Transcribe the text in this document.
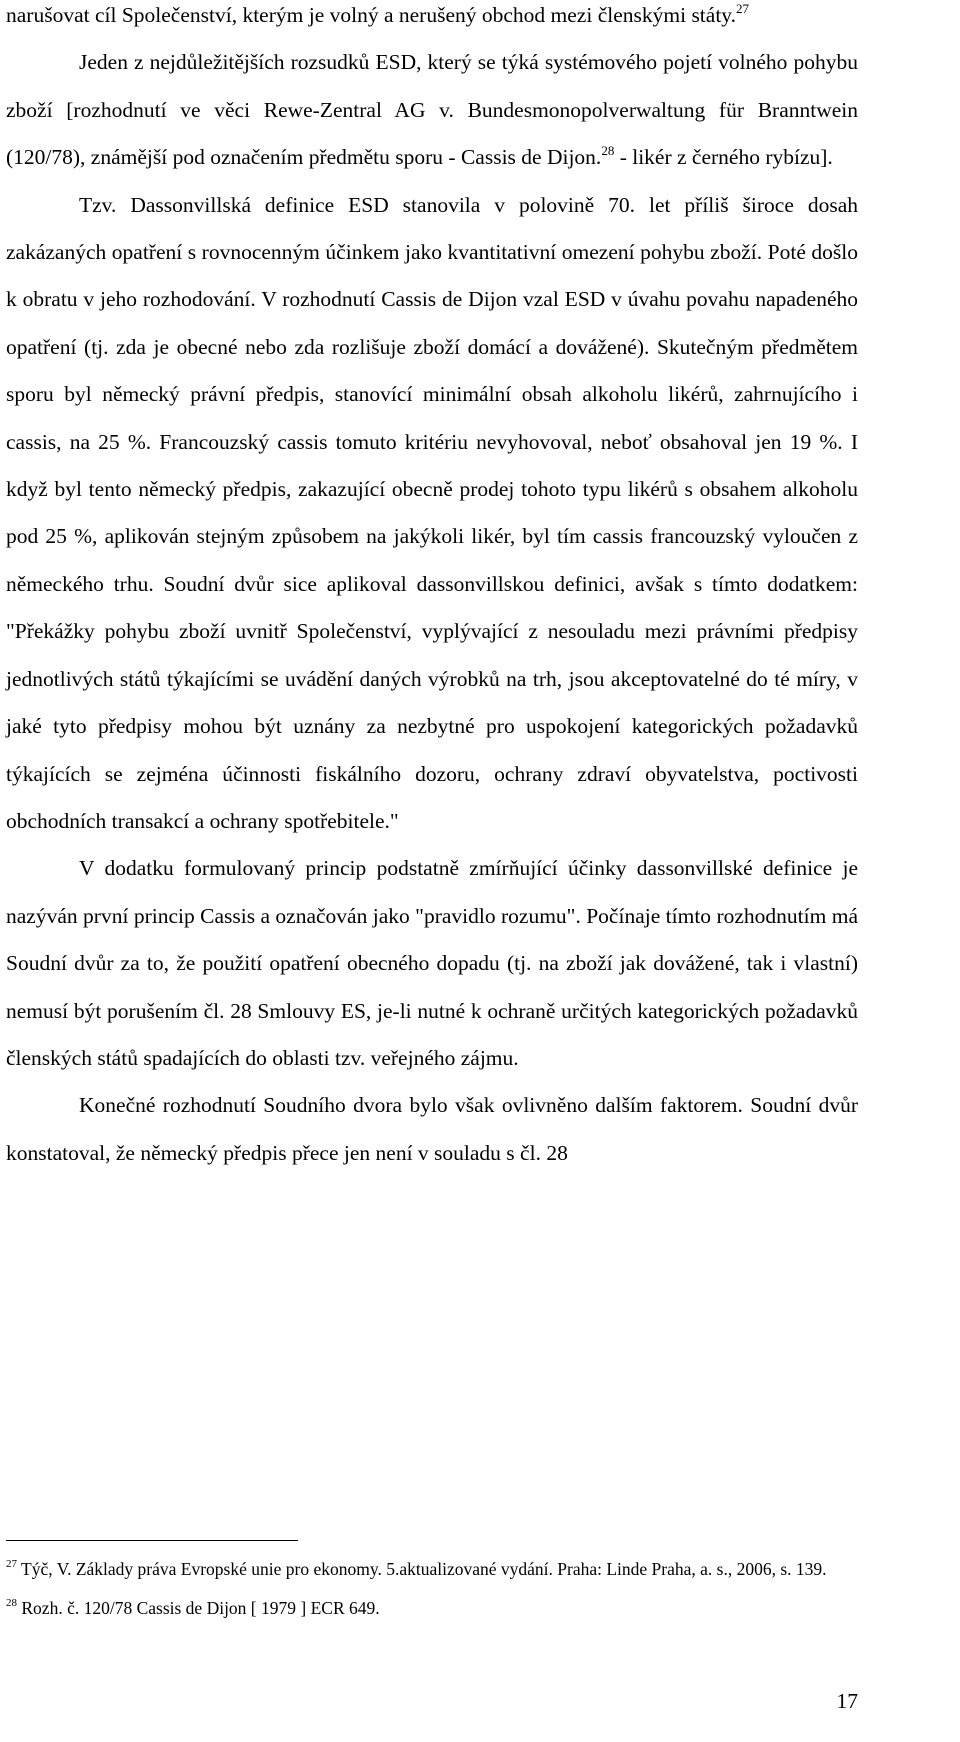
narušovat cíl Společenství, kterým je volný a nerušený obchod mezi členskými státy.$^{27}$

Jeden z nejdůležitějších rozsudků ESD, který se týká systémového pojetí volného pohybu zboží [rozhodnutí ve věci Rewe-Zentral AG v. Bundesmonopolverwaltung für Branntwein (120/78), známější pod označením předmětu sporu - Cassis de Dijon.$^{28}$ - likér z černého rybízu].

Tzv. Dassonvillská definice ESD stanovila v polovině 70. let příliš široce dosah zakázaných opatření s rovnocenným účinkem jako kvantitativní omezení pohybu zboží. Poté došlo k obratu v jeho rozhodování. V rozhodnutí Cassis de Dijon vzal ESD v úvahu povahu napadeného opatření (tj. zda je obecné nebo zda rozlišuje zboží domácí a dovážené). Skutečným předmětem sporu byl německý právní předpis, stanovící minimální obsah alkoholu likérů, zahrnujícího i cassis, na 25 %. Francouzský cassis tomuto kritériu nevyhovoval, neboť obsahoval jen 19 %. I když byl tento německý předpis, zakazující obecně prodej tohoto typu likérů s obsahem alkoholu pod 25 %, aplikován stejným způsobem na jakýkoli likér, byl tím cassis francouzský vyloučen z německého trhu. Soudní dvůr sice aplikoval dassonvillskou definici, avšak s tímto dodatkem: "Překážky pohybu zboží uvnitř Společenství, vyplývající z nesouladu mezi právními předpisy jednotlivých států týkajícími se uvádění daných výrobků na trh, jsou akceptovatelné do té míry, v jaké tyto předpisy mohou být uznány za nezbytné pro uspokojení kategorických požadavků týkajících se zejména účinnosti fiskálního dozoru, ochrany zdraví obyvatelstva, poctivosti obchodních transakcí a ochrany spotřebitele."

V dodatku formulovaný princip podstatně zmírňující účinky dassonvillské definice je nazýván první princip Cassis a označován jako "pravidlo rozumu". Počínaje tímto rozhodnutím má Soudní dvůr za to, že použití opatření obecného dopadu (tj. na zboží jak dovážené, tak i vlastní) nemusí být porušením čl. 28 Smlouvy ES, je-li nutné k ochraně určitých kategorických požadavků členských států spadajících do oblasti tzv. veřejného zájmu.

Konečné rozhodnutí Soudního dvora bylo však ovlivněno dalším faktorem. Soudní dvůr konstatoval, že německý předpis přece jen není v souladu s čl. 28

$^{27}$ Týč, V. Základy práva Evropské unie pro ekonomy. 5.aktualizované vydání. Praha: Linde Praha, a. s., 2006, s. 139.

$^{28}$ Rozh. č. 120/78 Cassis de Dijon [ 1979 ] ECR 649.

17
